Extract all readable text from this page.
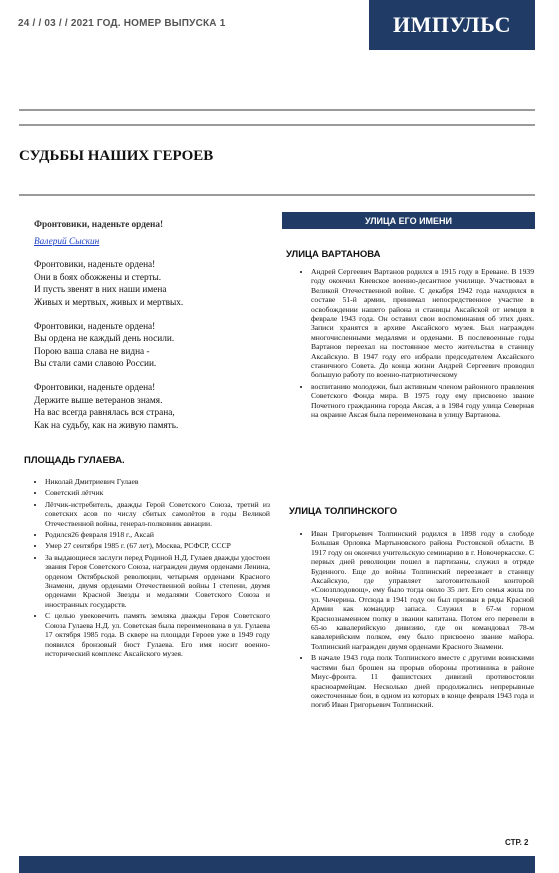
24 / / 03 / / 2021 ГОД. НОМЕР ВЫПУСКА 1	ИМПУЛЬС
СУДЬБЫ НАШИХ ГЕРОЕВ
Фронтовики, наденьте ордена!
Валерий Сыскин
Фронтовики, наденьте ордена!
Они в боях обожжены и стерты.
И пусть звенят в них наши имена
Живых и мертвых, живых и мертвых.
Фронтовики, наденьте ордена!
Вы ордена не каждый день носили.
Порою ваша слава не видна -
Вы стали сами славою России.
Фронтовики, наденьте ордена!
Держите выше ветеранов знамя.
На вас всегда равнялась вся страна,
Как на судьбу, как на живую память.
ПЛОЩАДЬ ГУЛАЕВА.
• Николай Дмитриевич Гулаев
• Советский лётчик
• Лётчик-истребитель, дважды Герой Советского Союза, третий из советских асов по числу сбитых самолётов в годы Великой Отечественной войны, генерал-полковник авиации.
• Родился26 февраля 1918 г., Аксай
• Умер 27 сентября 1985 г. (67 лет), Москва, РСФСР, СССР
• За выдающиеся заслуги перед Родиной Н.Д. Гулаев дважды удостоен звания Героя Советского Союза, награжден двумя орденами Ленина, орденом Октябрьской революции, четырьмя орденами Красного Знамени, двумя орденами Отечественной войны I степени, двумя орденами Красной Звезды и медалями Советского Союза и иностранных государств.
• С целью увековечить память земляка дважды Героя Советского Союза Гулаева Н.Д. ул. Советская была переименована в ул. Гулаева 17 октября 1985 года. В сквере на площади Героев уже в 1949 году появился бронзовый бюст Гулаева. Его имя носит военно-исторический комплекс Аксайского музея.
УЛИЦА ЕГО ИМЕНИ
УЛИЦА ВАРТАНОВА
• Андрей Сергеевич Вартанов родился в 1915 году в Ереване. В 1939 году окончил Киевское военно-десантное училище. Участвовал в Великой Отечественной войне. С декабря 1942 года находился в составе 51-й армии, принимал непосредственное участие в освобождении нашего района и станицы Аксайской от немцев в феврале 1943 года. Он оставил свои воспоминания об этих днях. Записи хранятся в архиве Аксайского музея. Был награжден многочисленными медалями и орденами. В послевоенные годы Вартанов переехал на постоянное место жительства в станицу Аксайскую. В 1947 году его избрали председателем Аксайского станичного Совета. До конца жизни Андрей Сергеевич проводил большую работу по военно-патриотическому
• воспитанию молодежи, был активным членом районного правления Советского Фонда мира. В 1975 году ему присвоено звание Почетного гражданина города Аксая, а в 1984 году улица Северная на окраине Аксая была переименована в улицу Вартанова.
УЛИЦА ТОЛПИНСКОГО
• Иван Григорьевич Толпинский родился в 1898 году в слободе Большая Орловка Мартыновского района Ростовской области. В 1917 году он окончил учительскую семинарию в г. Новочеркасске. С первых дней революции пошел в партизаны, служил в отряде Буденного. Еще до войны Толпинский переезжает в станицу Аксайскую, где управляет заготовительной конторой «Союзплодовощ», ему было тогда около 35 лет. Его семья жила по ул. Чичерина. Отсюда в 1941 году он был призван в ряды Красной Армии как командир запаса. Служил в 67-м горном Краснознаменном полку в звании капитана. Потом его перевели в 65-ю кавалерийскую дивизию, где он командовал 78-м кавалерийским полком, ему было присвоено звание майора. Толпинский награжден двумя орденами Красного Знамени.
• В начале 1943 года полк Толпинского вместе с другими воинскими частями был брошен на прорыв обороны противника в районе Миус-фронта. 11 фашистских дивизий противостояли красноармейцам. Несколько дней продолжались непрерывные ожесточенные бои, в одном из которых в конце февраля 1943 года и погиб Иван Григорьевич Толпинский.
СТР. 2
